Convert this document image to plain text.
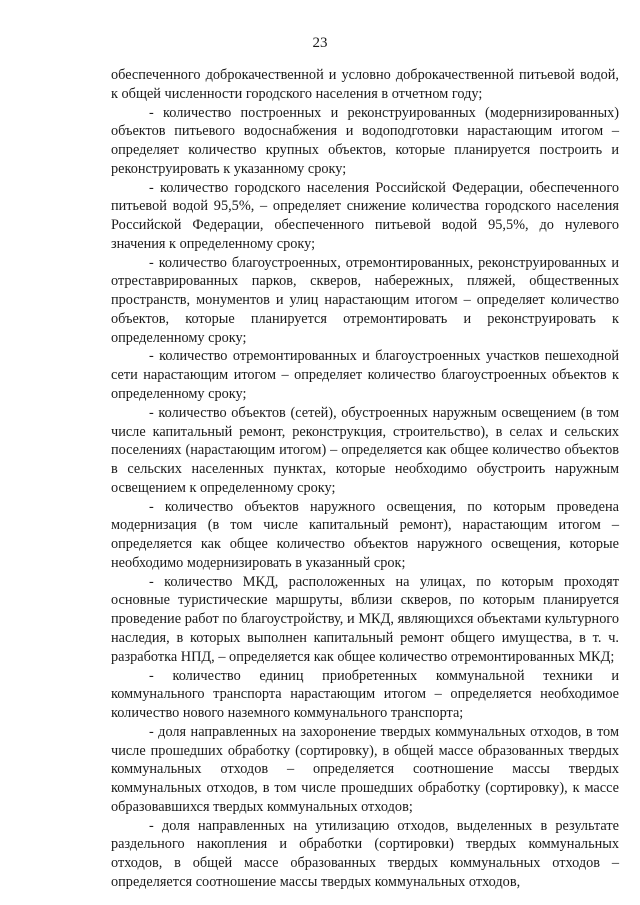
23

обеспеченного доброкачественной и условно доброкачественной питьевой водой, к общей численности городского населения в отчетном году;

- количество построенных и реконструированных (модернизированных) объектов питьевого водоснабжения и водоподготовки нарастающим итогом – определяет количество крупных объектов, которые планируется построить и реконструировать к указанному сроку;

- количество городского населения Российской Федерации, обеспеченного питьевой водой 95,5%, – определяет снижение количества городского населения Российской Федерации, обеспеченного питьевой водой 95,5%, до нулевого значения к определенному сроку;

- количество благоустроенных, отремонтированных, реконструированных и отреставрированных парков, скверов, набережных, пляжей, общественных пространств, монументов и улиц нарастающим итогом – определяет количество объектов, которые планируется отремонтировать и реконструировать к определенному сроку;

- количество отремонтированных и благоустроенных участков пешеходной сети нарастающим итогом – определяет количество благоустроенных объектов к определенному сроку;

- количество объектов (сетей), обустроенных наружным освещением (в том числе капитальный ремонт, реконструкция, строительство), в селах и сельских поселениях (нарастающим итогом) – определяется как общее количество объектов в сельских населенных пунктах, которые необходимо обустроить наружным освещением к определенному сроку;

- количество объектов наружного освещения, по которым проведена модернизация (в том числе капитальный ремонт), нарастающим итогом – определяется как общее количество объектов наружного освещения, которые необходимо модернизировать в указанный срок;

- количество МКД, расположенных на улицах, по которым проходят основные туристические маршруты, вблизи скверов, по которым планируется проведение работ по благоустройству, и МКД, являющихся объектами культурного наследия, в которых выполнен капитальный ремонт общего имущества, в т. ч. разработка НПД, – определяется как общее количество отремонтированных МКД;

- количество единиц приобретенных коммунальной техники и коммунального транспорта нарастающим итогом – определяется необходимое количество нового наземного коммунального транспорта;

- доля направленных на захоронение твердых коммунальных отходов, в том числе прошедших обработку (сортировку), в общей массе образованных твердых коммунальных отходов – определяется соотношение массы твердых коммунальных отходов, в том числе прошедших обработку (сортировку), к массе образовавшихся твердых коммунальных отходов;

- доля направленных на утилизацию отходов, выделенных в результате раздельного накопления и обработки (сортировки) твердых коммунальных отходов, в общей массе образованных твердых коммунальных отходов – определяется соотношение массы твердых коммунальных отходов,
